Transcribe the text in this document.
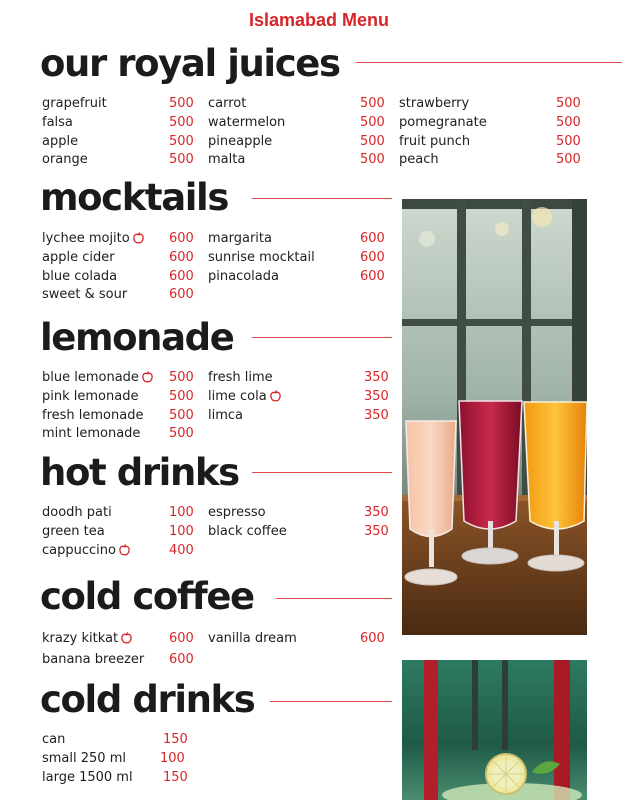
Islamabad Menu
our royal juices
grapefruit	500
falsa	500
apple	500
orange	500
carrot	500
watermelon	500
pineapple	500
malta	500
strawberry	500
pomegranate	500
fruit punch	500
peach	500
mocktails
lychee mojito	600
apple cider	600
blue colada	600
sweet & sour	600
margarita	600
sunrise mocktail	600
pinacolada	600
lemonade
blue lemonade	500
pink lemonade 500
fresh lemonade 500
mint lemonade 500
fresh lime	350
lime cola	350
limca	350
hot drinks
doodh pati	100
green tea	100
cappuccino	400
espresso	350
black coffee	350
cold coffee
krazy kitkat	600
banana breezer 600
vanilla dream	600
cold drinks
can	150
small 250 ml	100
large 1500 ml 150
